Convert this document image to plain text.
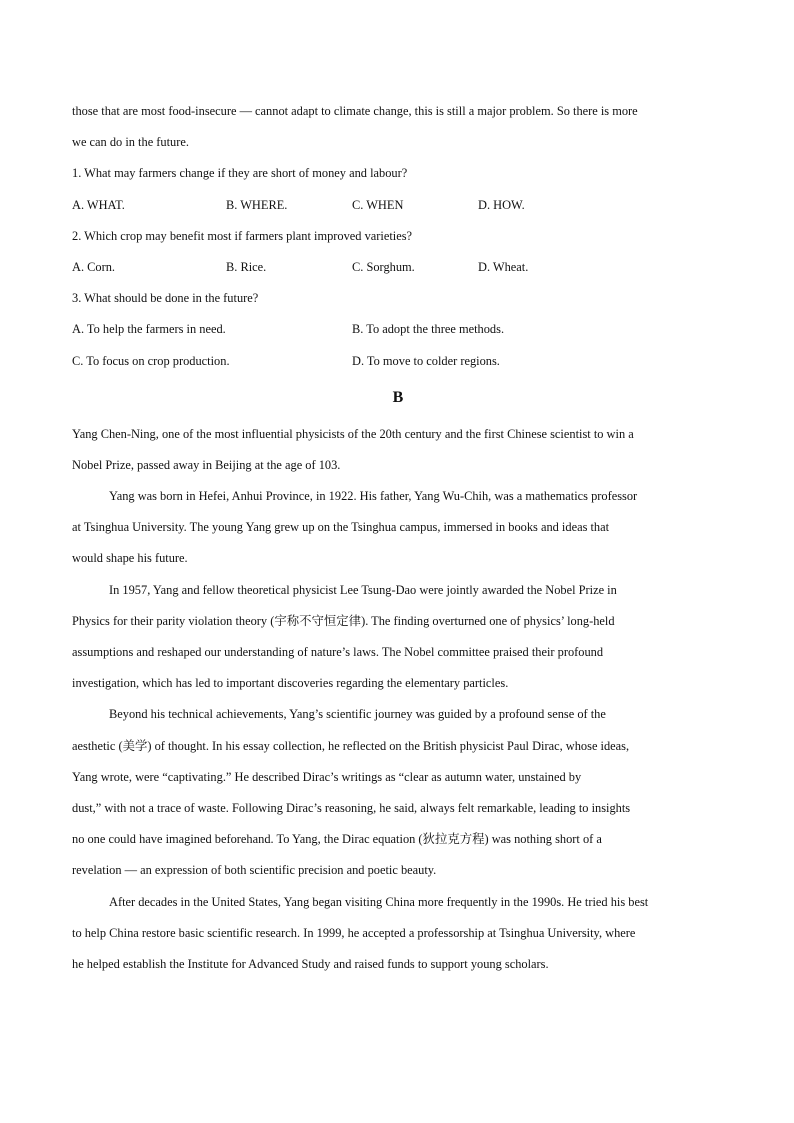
those that are most food-insecure — cannot adapt to climate change, this is still a major problem. So there is more
we can do in the future.
1. What may farmers change if they are short of money and labour?
A. WHAT.	B. WHERE.	C. WHEN	D. HOW.
2. Which crop may benefit most if farmers plant improved varieties?
A. Corn.	B. Rice.	C. Sorghum.	D. Wheat.
3. What should be done in the future?
A. To help the farmers in need.	B. To adopt the three methods.
C. To focus on crop production.	D. To move to colder regions.
B
Yang Chen-Ning, one of the most influential physicists of the 20th century and the first Chinese scientist to win a
Nobel Prize, passed away in Beijing at the age of 103.
Yang was born in Hefei, Anhui Province, in 1922. His father, Yang Wu-Chih, was a mathematics professor
at Tsinghua University. The young Yang grew up on the Tsinghua campus, immersed in books and ideas that
would shape his future.
In 1957, Yang and fellow theoretical physicist Lee Tsung-Dao were jointly awarded the Nobel Prize in
Physics for their parity violation theory (宇称不守恒定律). The finding overturned one of physics’ long-held
assumptions and reshaped our understanding of nature’s laws. The Nobel committee praised their profound
investigation, which has led to important discoveries regarding the elementary particles.
Beyond his technical achievements, Yang’s scientific journey was guided by a profound sense of the
aesthetic (美学) of thought. In his essay collection, he reflected on the British physicist Paul Dirac, whose ideas,
Yang wrote, were “captivating.” He described Dirac’s writings as “clear as autumn water, unstained by
dust,” with not a trace of waste. Following Dirac’s reasoning, he said, always felt remarkable, leading to insights
no one could have imagined beforehand. To Yang, the Dirac equation (狄拉克方程) was nothing short of a
revelation — an expression of both scientific precision and poetic beauty.
After decades in the United States, Yang began visiting China more frequently in the 1990s. He tried his best
to help China restore basic scientific research. In 1999, he accepted a professorship at Tsinghua University, where
he helped establish the Institute for Advanced Study and raised funds to support young scholars.
